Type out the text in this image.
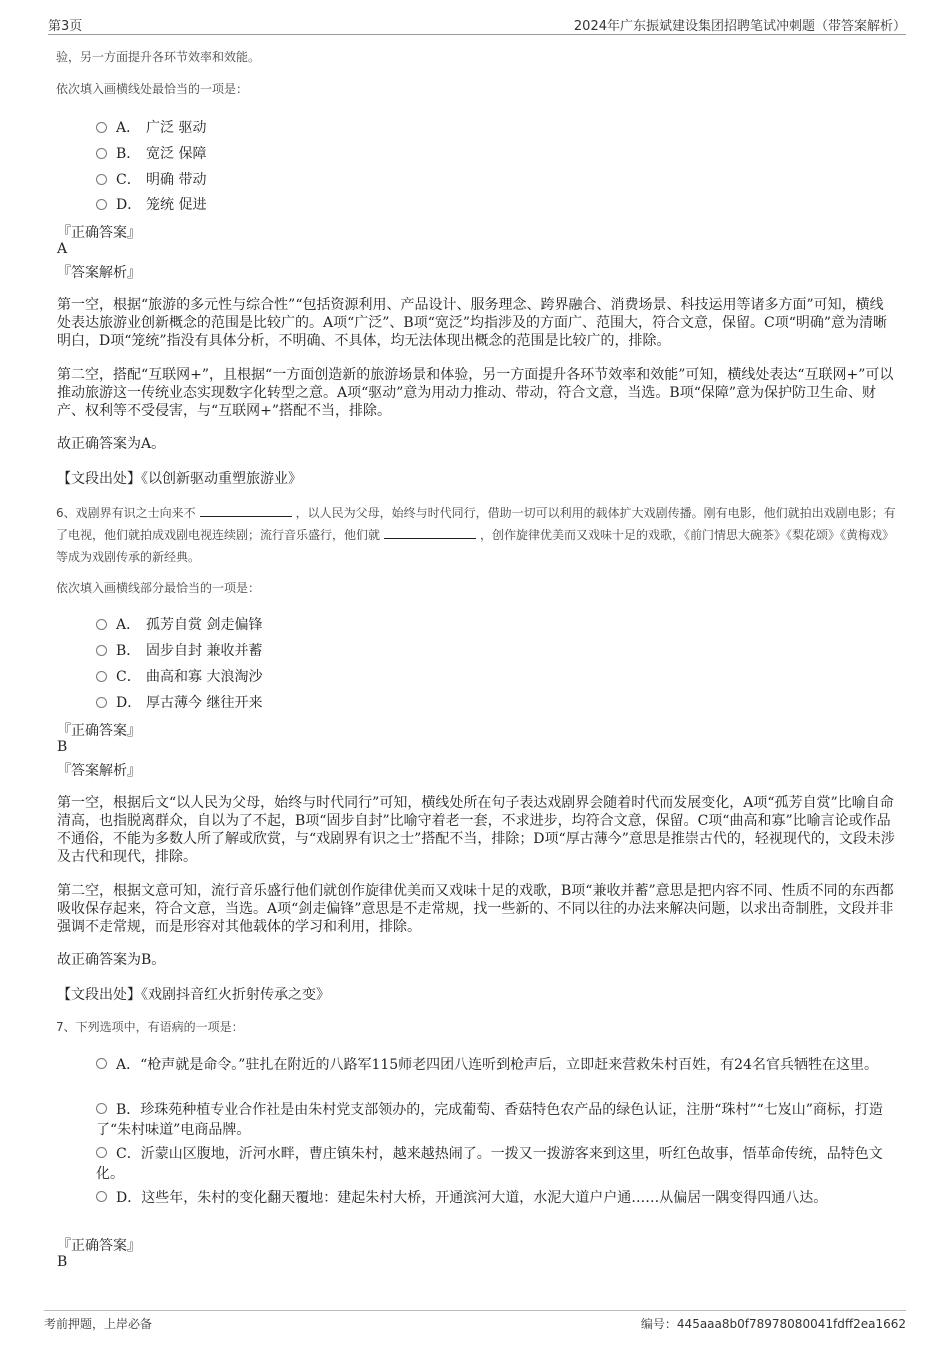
第3页	2024年广东振斌建设集团招聘笔试冲刺题（带答案解析）
验，另一方面提升各环节效率和效能。
依次填入画横线处最恰当的一项是：
A． 广泛 驱动
B． 宽泛 保障
C． 明确 带动
D． 笼统 促进
『正确答案』
A
『答案解析』
第一空，根据“旅游的多元性与综合性”“包括资源利用、产品设计、服务理念、跨界融合、消费场景、科技运用等诸多方面”可知，横线处表达旅游业创新概念的范围是比较广的。A项“广泛”、B项“宽泛”均指涉及的方面广、范围大，符合文意，保留。C项“明确”意为清晰明白，D项“笼统”指没有具体分析，不明确、不具体，均无法体现出概念的范围是比较广的，排除。
第二空，搭配“互联网+”，且根据“一方面创造新的旅游场景和体验，另一方面提升各环节效率和效能”可知，横线处表达“互联网+”可以推动旅游这一传统业态实现数字化转型之意。A项“驱动”意为用动力推动、带动，符合文意，当选。B项“保障”意为保护防卫生命、财产、权利等不受侵害，与“互联网+”搭配不当，排除。
故正确答案为A。
【文段出处】《以创新驱动重塑旅游业》
6、戏剧界有识之士向来不	，以人民为父母，始终与时代同行，借助一切可以利用的载体扩大戏剧传播。刚有电影，他们就拍出戏剧电影；有了电视，他们就拍成戏剧电视连续剧；流行音乐盛行，他们就	，创作旋律优美而又戏味十足的戏歌，《前门情思大碗茶》《梨花颂》《黄梅戏》等成为戏剧传承的新经典。
依次填入画横线部分最恰当的一项是：
A． 孤芳自赏 剑走偏锋
B． 固步自封 兼收并蓄
C． 曲高和寡 大浪淘沙
D． 厚古薄今 继往开来
『正确答案』
B
『答案解析』
第一空，根据后文“以人民为父母，始终与时代同行”可知，横线处所在句子表达戏剧界会随着时代而发展变化，A项“孤芳自赏”比喻自命清高，也指脱离群众，自以为了不起，B项“固步自封”比喻守着老一套，不求进步，均符合文意，保留。C项“曲高和寡”比喻言论或作品不通俗，不能为多数人所了解或欣赏，与“戏剧界有识之士”搭配不当，排除；D项“厚古薄今”意思是推崇古代的，轻视现代的，文段未涉及古代和现代，排除。
第二空，根据文意可知，流行音乐盛行他们就创作旋律优美而又戏味十足的戏歌，B项“兼收并蓄”意思是把内容不同、性质不同的东西都吸收保存起来，符合文意，当选。A项“剑走偏锋”意思是不走常规，找一些新的、不同以往的办法来解决问题，以求出奇制胜，文段并非强调不走常规，而是形容对其他载体的学习和利用，排除。
故正确答案为B。
【文段出处】《戏剧抖音红火折射传承之变》
7、下列选项中，有语病的一项是：
A．“枪声就是命令。”驻扎在附近的八路军115师老四团八连听到枪声后，立即赶来营救朱村百姓，有24名官兵牺牲在这里。
B．珍珠苑种植专业合作社是由朱村党支部领办的，完成葡萄、香菇特色农产品的绿色认证，注册“珠村”“七岌山”商标，打造了“朱村味道”电商品牌。
C．沂蒙山区腹地，沂河水畔，曹庄镇朱村，越来越热闹了。一拨又一拨游客来到这里，听红色故事，悟革命传统，品特色文化。
D．这些年，朱村的变化翻天覆地：建起朱村大桥，开通滨河大道，水泥大道户户通……从偏居一隅变得四通八达。
『正确答案』
B
考前押题，上岸必备	编号：445aaa8b0f78978080041fdff2ea1662
